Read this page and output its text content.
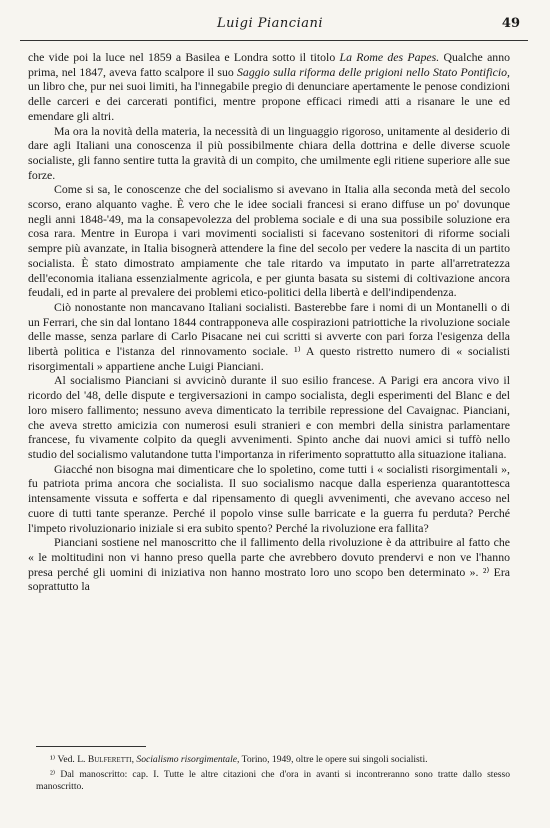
Luigi Pianciani	49

che vide poi la luce nel 1859 a Basilea e Londra sotto il titolo La Rome des Papes. Qualche anno prima, nel 1847, aveva fatto scalpore il suo Saggio sulla riforma delle prigioni nello Stato Pontificio, un libro che, pur nei suoi limiti, ha l'innegabile pregio di denunciare apertamente le penose condizioni delle carceri e dei carcerati pontifici, mentre propone efficaci rimedi atti a risanare le une ed emendare gli altri.

Ma ora la novità della materia, la necessità di un linguaggio rigoroso, unitamente al desiderio di dare agli Italiani una conoscenza il più possibilmente chiara della dottrina e delle diverse scuole socialiste, gli fanno sentire tutta la gravità di un compito, che umilmente egli ritiene superiore alle sue forze.

Come si sa, le conoscenze che del socialismo si avevano in Italia alla seconda metà del secolo scorso, erano alquanto vaghe. È vero che le idee sociali francesi si erano diffuse un po' dovunque negli anni 1848-'49, ma la consapevolezza del problema sociale e di una sua possibile soluzione era cosa rara. Mentre in Europa i vari movimenti socialisti si facevano sostenitori di riforme sociali sempre più avanzate, in Italia bisognerà attendere la fine del secolo per vedere la nascita di un partito socialista. È stato dimostrato ampiamente che tale ritardo va imputato in parte all'arretratezza dell'economia italiana essenzialmente agricola, e per giunta basata su sistemi di coltivazione ancora feudali, ed in parte al prevalere dei problemi etico-politici della libertà e dell'indipendenza.

Ciò nonostante non mancavano Italiani socialisti. Basterebbe fare i nomi di un Montanelli o di un Ferrari, che sin dal lontano 1844 contrapponeva alle cospirazioni patriottiche la rivoluzione sociale delle masse, senza parlare di Carlo Pisacane nei cui scritti si avverte con pari forza l'esigenza della libertà politica e l'istanza del rinnovamento sociale. ¹⁾ A questo ristretto numero di « socialisti risorgimentali » appartiene anche Luigi Pianciani.

Al socialismo Pianciani si avvicinò durante il suo esilio francese. A Parigi era ancora vivo il ricordo del '48, delle dispute e tergiversazioni in campo socialista, degli esperimenti del Blanc e del loro misero fallimento; nessuno aveva dimenticato la terribile repressione del Cavaignac. Pianciani, che aveva stretto amicizia con numerosi esuli stranieri e con membri della sinistra parlamentare francese, fu vivamente colpito da quegli avvenimenti. Spinto anche dai nuovi amici si tuffò nello studio del socialismo valutandone tutta l'importanza in riferimento soprattutto alla situazione italiana.

Giacché non bisogna mai dimenticare che lo spoletino, come tutti i « socialisti risorgimentali », fu patriota prima ancora che socialista. Il suo socialismo nacque dalla esperienza quarantottesca intensamente vissuta e sofferta e dal ripensamento di quegli avvenimenti, che avevano acceso nel cuore di tutti tante speranze. Perché il popolo vinse sulle barricate e la guerra fu perduta? Perché l'impeto rivoluzionario iniziale si era subito spento? Perché la rivoluzione era fallita?

Pianciani sostiene nel manoscritto che il fallimento della rivoluzione è da attribuire al fatto che « le moltitudini non vi hanno preso quella parte che avrebbero dovuto prendervi e non ve l'hanno presa perché gli uomini di iniziativa non hanno mostrato loro uno scopo ben determinato ». ²⁾ Era soprattutto la

¹⁾ Ved. L. Bulferetti, Socialismo risorgimentale, Torino, 1949, oltre le opere sui singoli socialisti.

²⁾ Dal manoscritto: cap. I. Tutte le altre citazioni che d'ora in avanti si incontreranno sono tratte dallo stesso manoscritto.
